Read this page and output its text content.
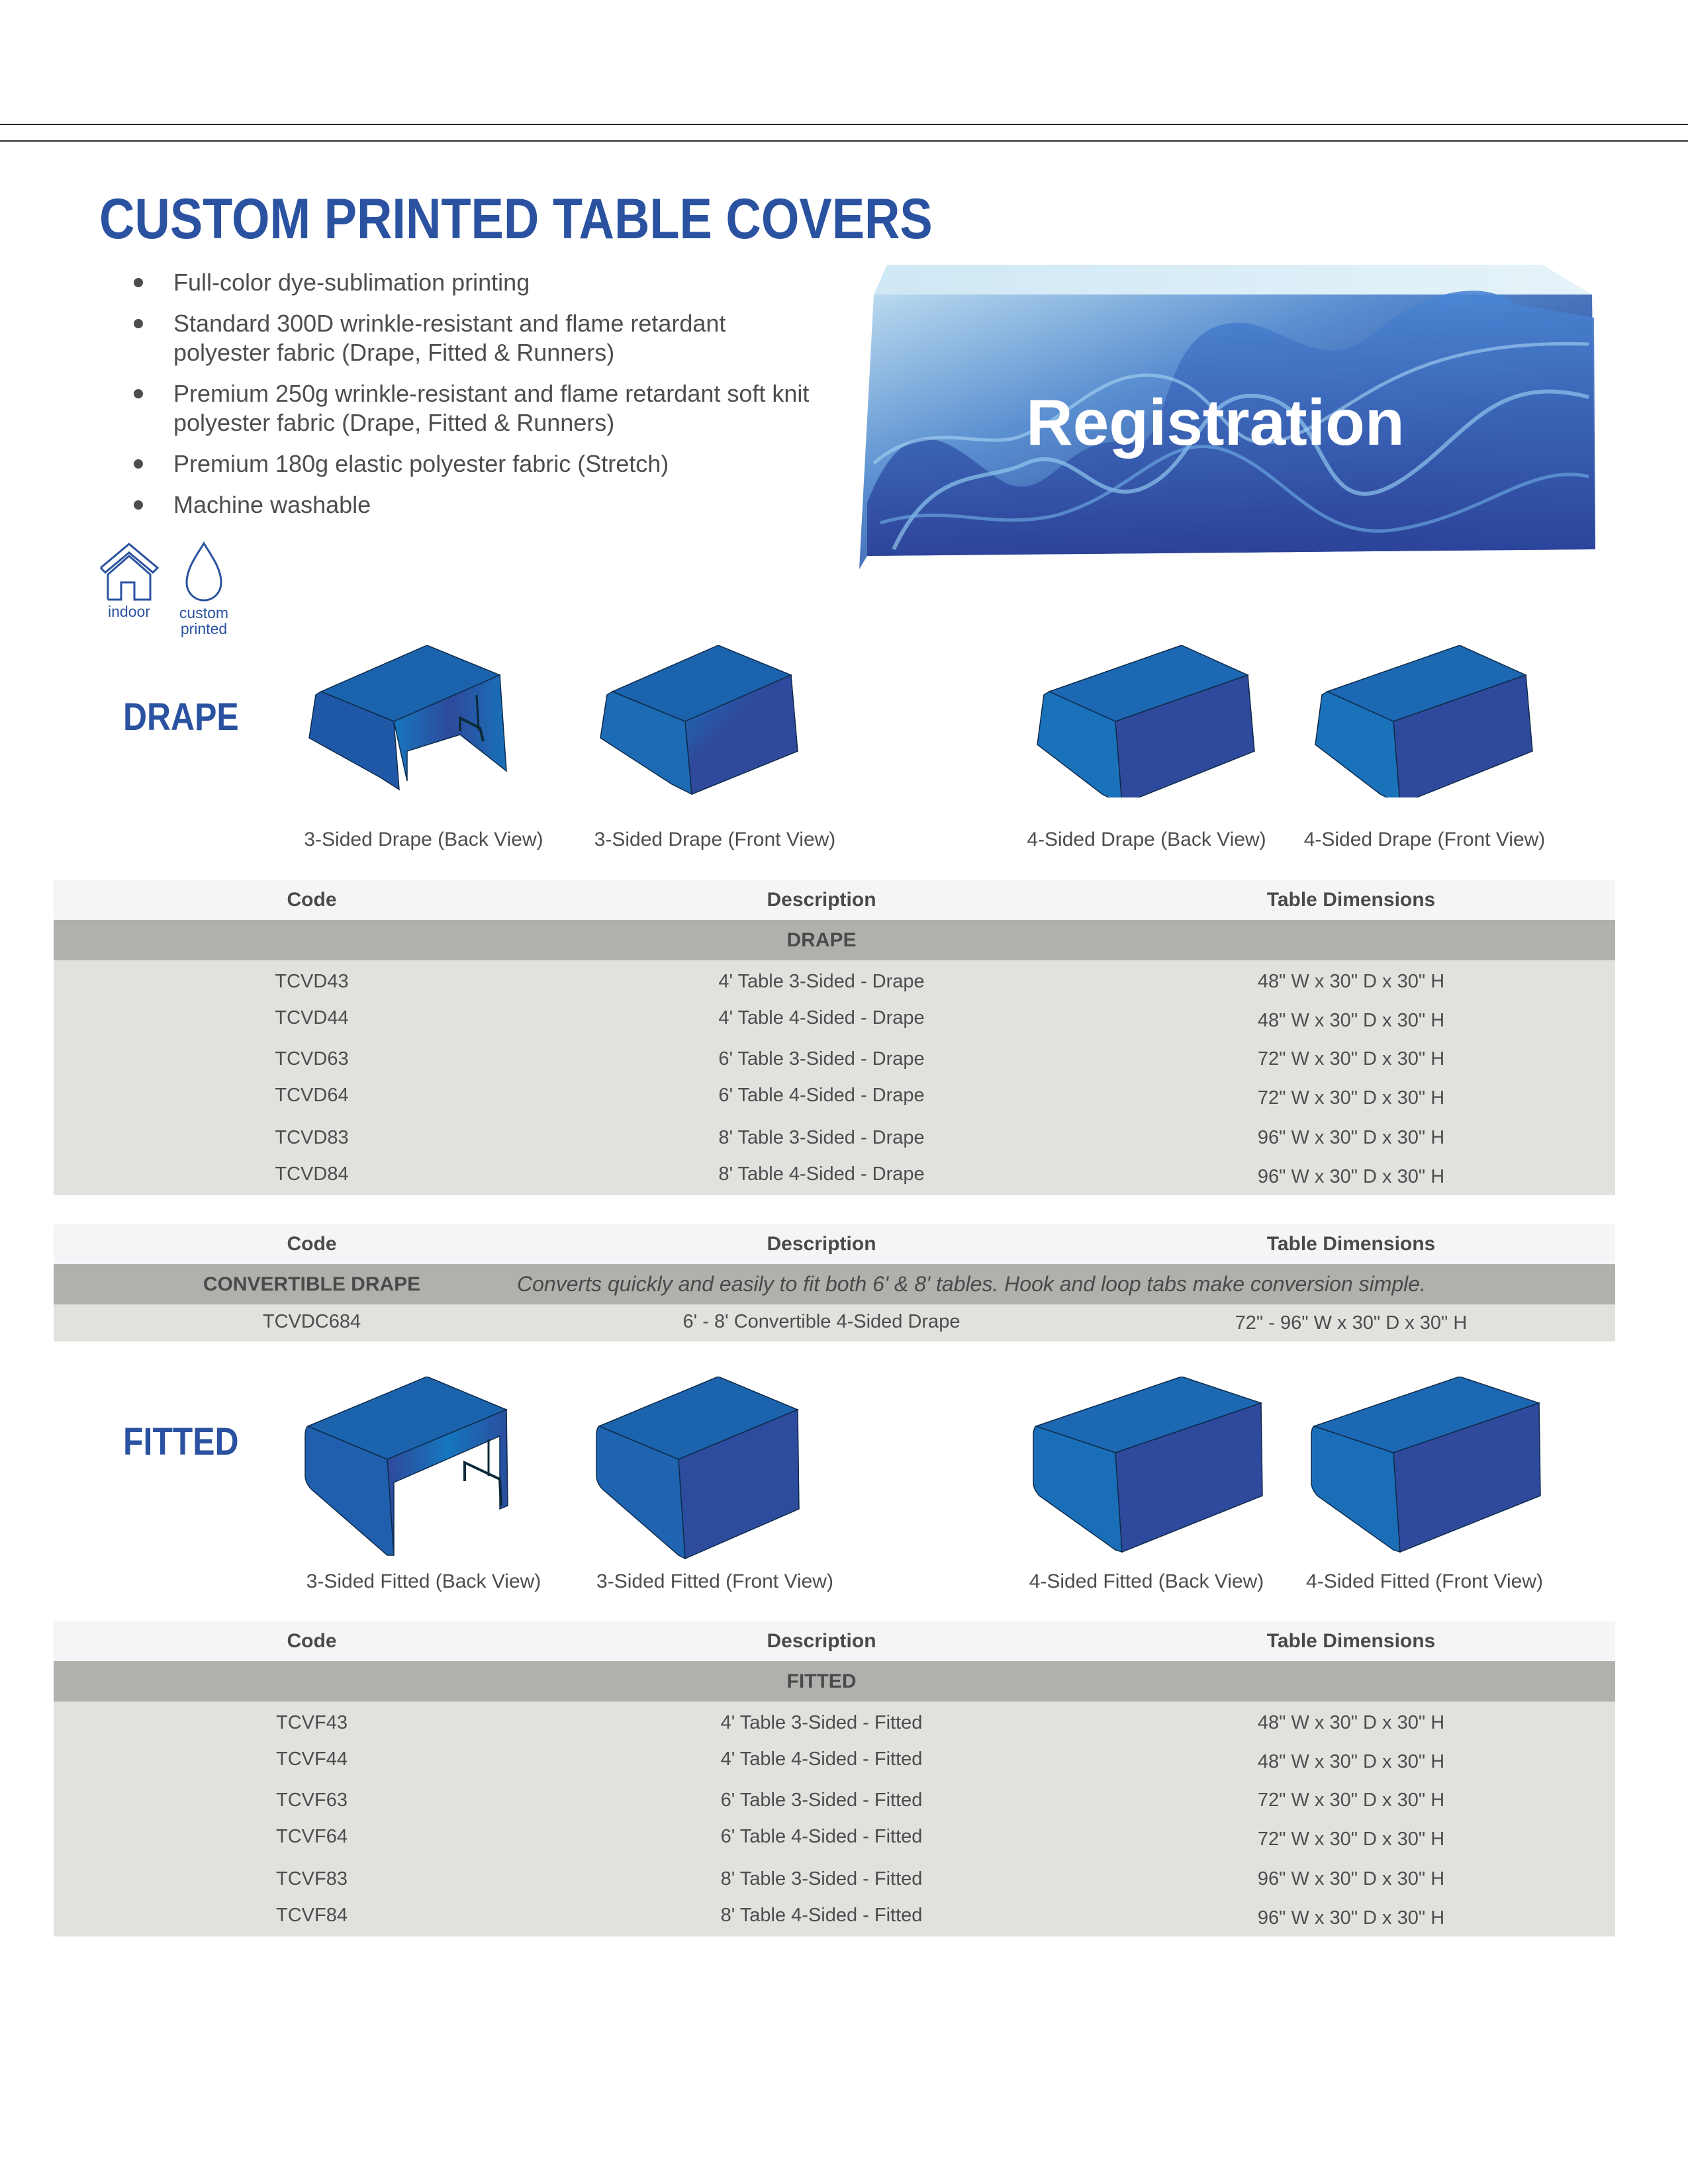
CUSTOM PRINTED TABLE COVERS
Full-color dye-sublimation printing
Standard 300D wrinkle-resistant and flame retardant
polyester fabric (Drape, Fitted & Runners)
Premium 250g wrinkle-resistant and flame retardant soft knit
polyester fabric (Drape, Fitted & Runners)
Premium 180g elastic polyester fabric (Stretch)
Machine washable
indoor	custom
printed
Registration
DRAPE
3-Sided Drape (Back View)	3-Sided Drape (Front View)	4-Sided Drape (Back View)	4-Sided Drape (Front View)
Code	Description	Table Dimensions
DRAPE
TCVD43	4' Table 3-Sided - Drape	48" W x 30" D x 30" H
TCVD44	4' Table 4-Sided - Drape	48" W x 30" D x 30" H
TCVD63	6' Table 3-Sided - Drape	72" W x 30" D x 30" H
TCVD64	6' Table 4-Sided - Drape	72" W x 30" D x 30" H
TCVD83	8' Table 3-Sided - Drape	96" W x 30" D x 30" H
TCVD84	8' Table 4-Sided - Drape	96" W x 30" D x 30" H
Code	Description	Table Dimensions
CONVERTIBLE DRAPE	Converts quickly and easily to fit both 6' & 8' tables. Hook and loop tabs make conversion simple.
TCVDC684	6' - 8' Convertible 4-Sided Drape	72" - 96" W x 30" D x 30" H
FITTED
3-Sided Fitted (Back View)	3-Sided Fitted (Front View)	4-Sided Fitted (Back View)	4-Sided Fitted (Front View)
Code	Description	Table Dimensions
FITTED
TCVF43	4' Table 3-Sided - Fitted	48" W x 30" D x 30" H
TCVF44	4' Table 4-Sided - Fitted	48" W x 30" D x 30" H
TCVF63	6' Table 3-Sided - Fitted	72" W x 30" D x 30" H
TCVF64	6' Table 4-Sided - Fitted	72" W x 30" D x 30" H
TCVF83	8' Table 3-Sided - Fitted	96" W x 30" D x 30" H
TCVF84	8' Table 4-Sided - Fitted	96" W x 30" D x 30" H
